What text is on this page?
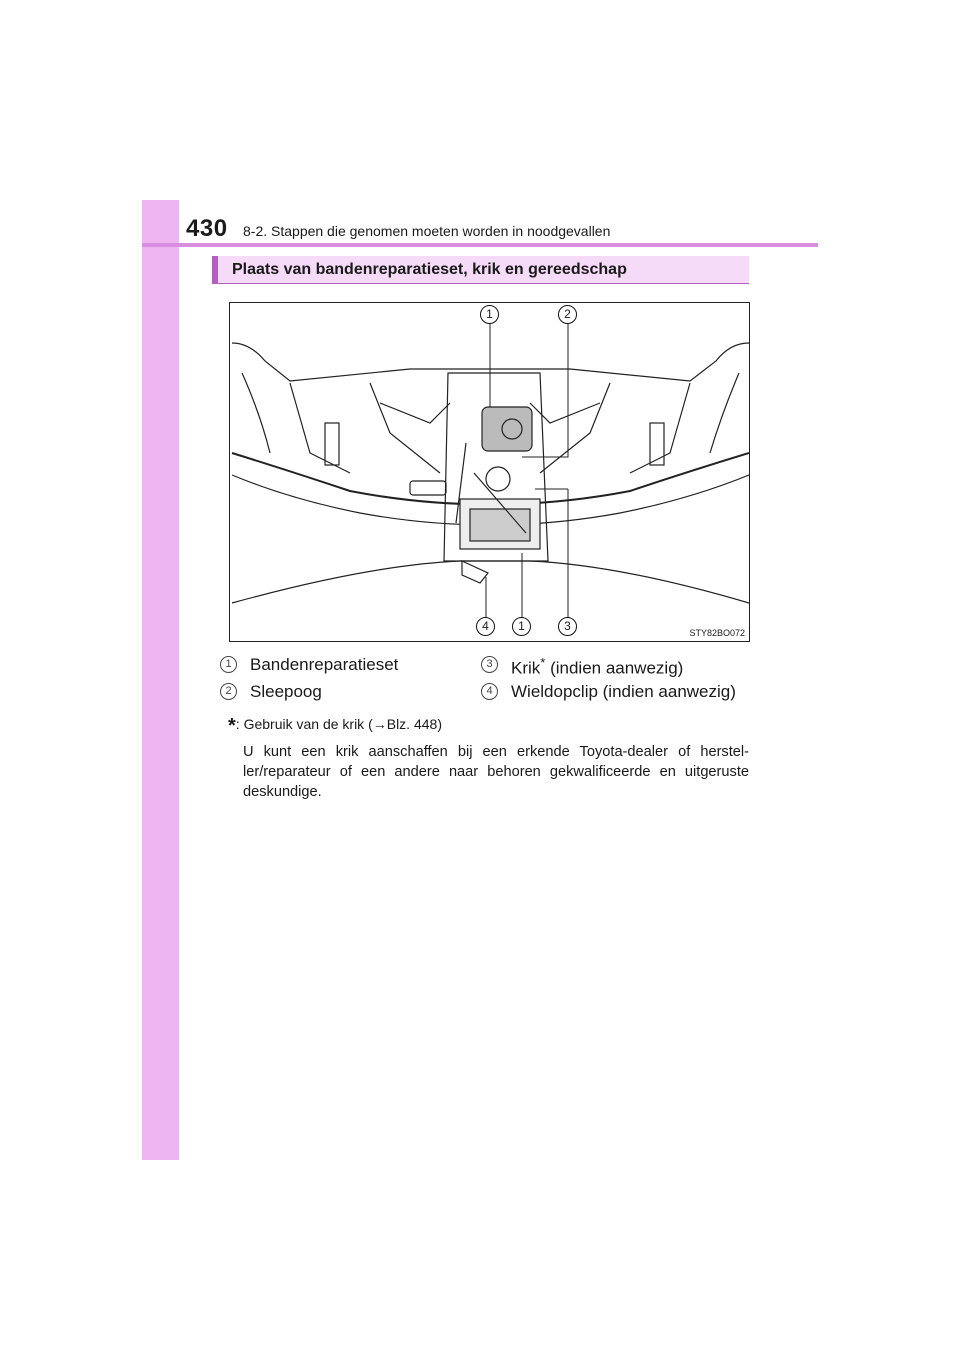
430 8-2. Stappen die genomen moeten worden in noodgevallen
Plaats van bandenreparatieset, krik en gereedschap
1	2
4	1	3	STY82BO072
1	Bandenreparatieset
2	Sleepoog
3	Krik* (indien aanwezig)
4	Wieldopclip (indien aanwezig)
*: Gebruik van de krik (→Blz. 448)
U kunt een krik aanschaffen bij een erkende Toyota-dealer of herstel-ler/reparateur of een andere naar behoren gekwalificeerde en uitgeruste deskundige.
